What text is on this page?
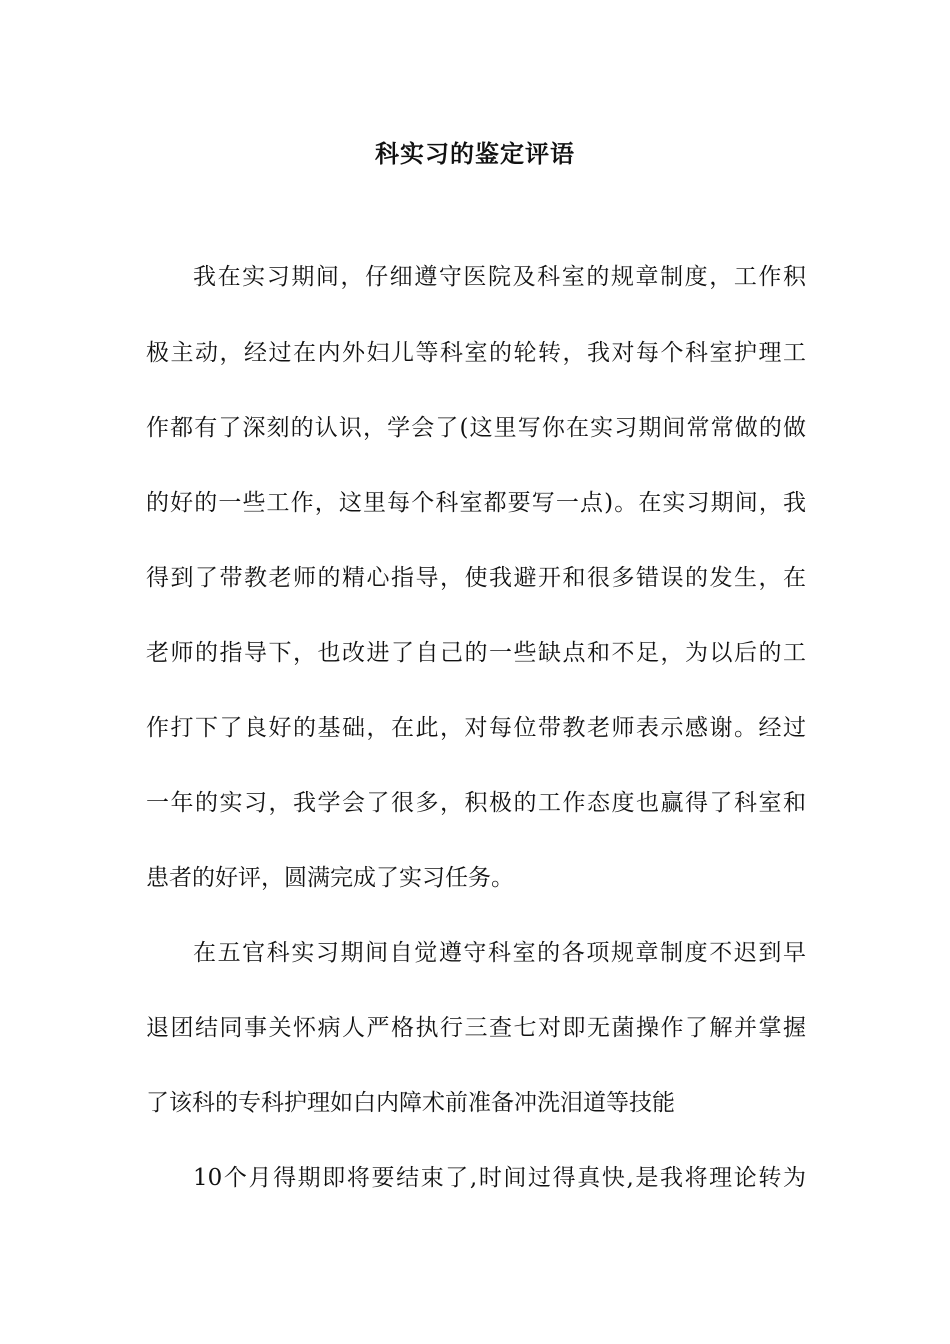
科实习的鉴定评语
我在实习期间，仔细遵守医院及科室的规章制度，工作积
极主动，经过在内外妇儿等科室的轮转，我对每个科室护理工
作都有了深刻的认识，学会了(这里写你在实习期间常常做的做
的好的一些工作，这里每个科室都要写一点)。在实习期间，我
得到了带教老师的精心指导，使我避开和很多错误的发生，在
老师的指导下，也改进了自己的一些缺点和不足，为以后的工
作打下了良好的基础，在此，对每位带教老师表示感谢。经过
一年的实习，我学会了很多，积极的工作态度也赢得了科室和
患者的好评，圆满完成了实习任务。
在五官科实习期间自觉遵守科室的各项规章制度不迟到早
退团结同事关怀病人严格执行三查七对即无菌操作了解并掌握
了该科的专科护理如白内障术前准备冲洗泪道等技能
10个月得期即将要结束了,时间过得真快,是我将理论转为
